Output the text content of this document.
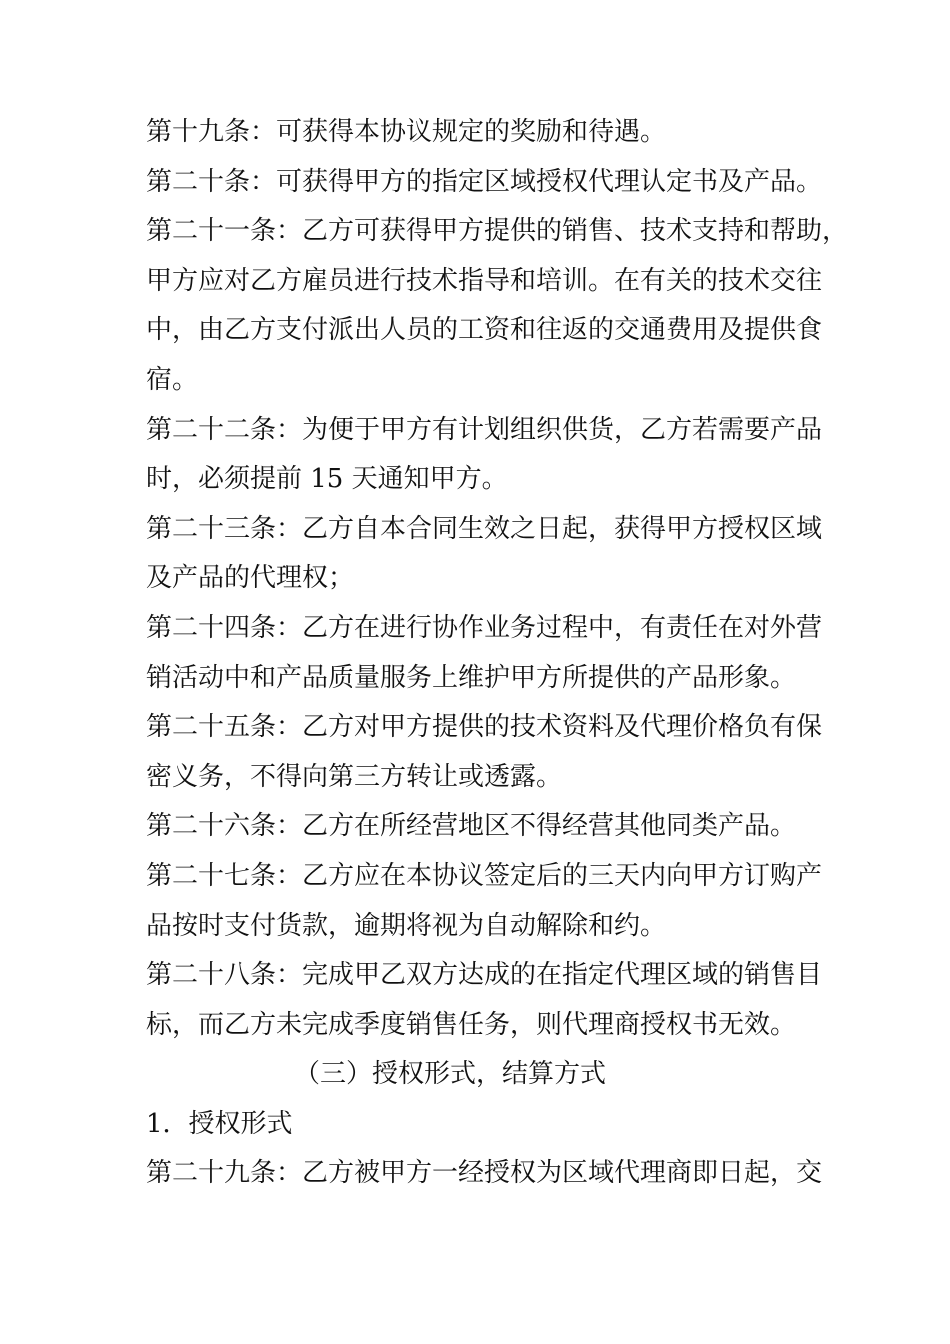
第十九条：可获得本协议规定的奖励和待遇。
第二十条：可获得甲方的指定区域授权代理认定书及产品。
第二十一条：乙方可获得甲方提供的销售、技术支持和帮助，
甲方应对乙方雇员进行技术指导和培训。在有关的技术交往
中，由乙方支付派出人员的工资和往返的交通费用及提供食
宿。
第二十二条：为便于甲方有计划组织供货，乙方若需要产品
时，必须提前 15 天通知甲方。
第二十三条：乙方自本合同生效之日起，获得甲方授权区域
及产品的代理权；
第二十四条：乙方在进行协作业务过程中，有责任在对外营
销活动中和产品质量服务上维护甲方所提供的产品形象。
第二十五条：乙方对甲方提供的技术资料及代理价格负有保
密义务，不得向第三方转让或透露。
第二十六条：乙方在所经营地区不得经营其他同类产品。
第二十七条：乙方应在本协议签定后的三天内向甲方订购产
品按时支付货款，逾期将视为自动解除和约。
第二十八条：完成甲乙双方达成的在指定代理区域的销售目
标，而乙方未完成季度销售任务，则代理商授权书无效。
（三）授权形式，结算方式
1．授权形式
第二十九条：乙方被甲方一经授权为区域代理商即日起，交
